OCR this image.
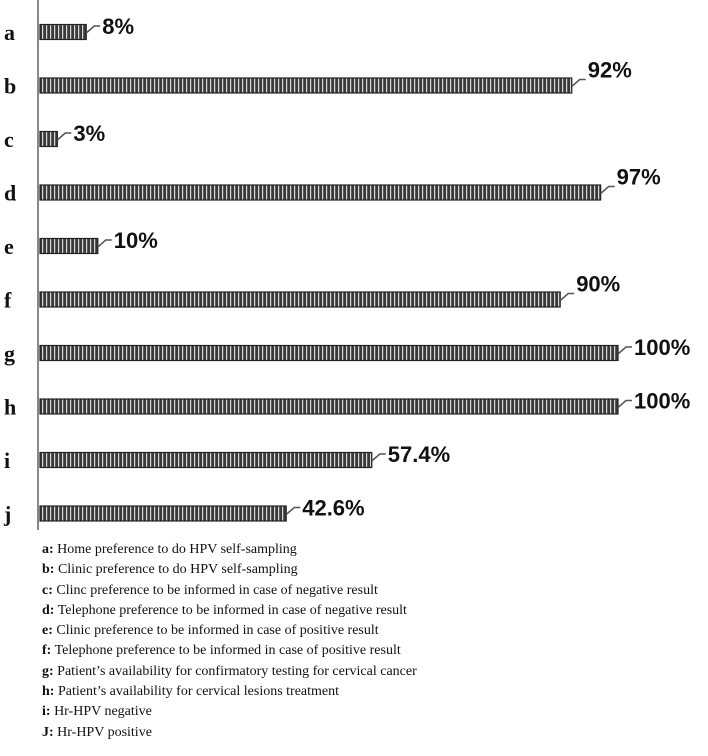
a	8%
b
92%
c	3%
d
97%
e	10%
f
90%
g	100%
h	100%
i	57.4%
j	42.6%
a: Home preference to do HPV self-sampling
b: Clinic preference to do HPV self-sampling
c: Clinc preference to be informed in case of negative result
d: Telephone preference to be informed in case of negative result
e: Clinic preference to be informed in case of positive result
f: Telephone preference to be informed in case of positive result
g: Patient’s availability for confirmatory testing for cervical cancer
h: Patient’s availability for cervical lesions treatment
i: Hr-HPV negative
J: Hr-HPV positive
